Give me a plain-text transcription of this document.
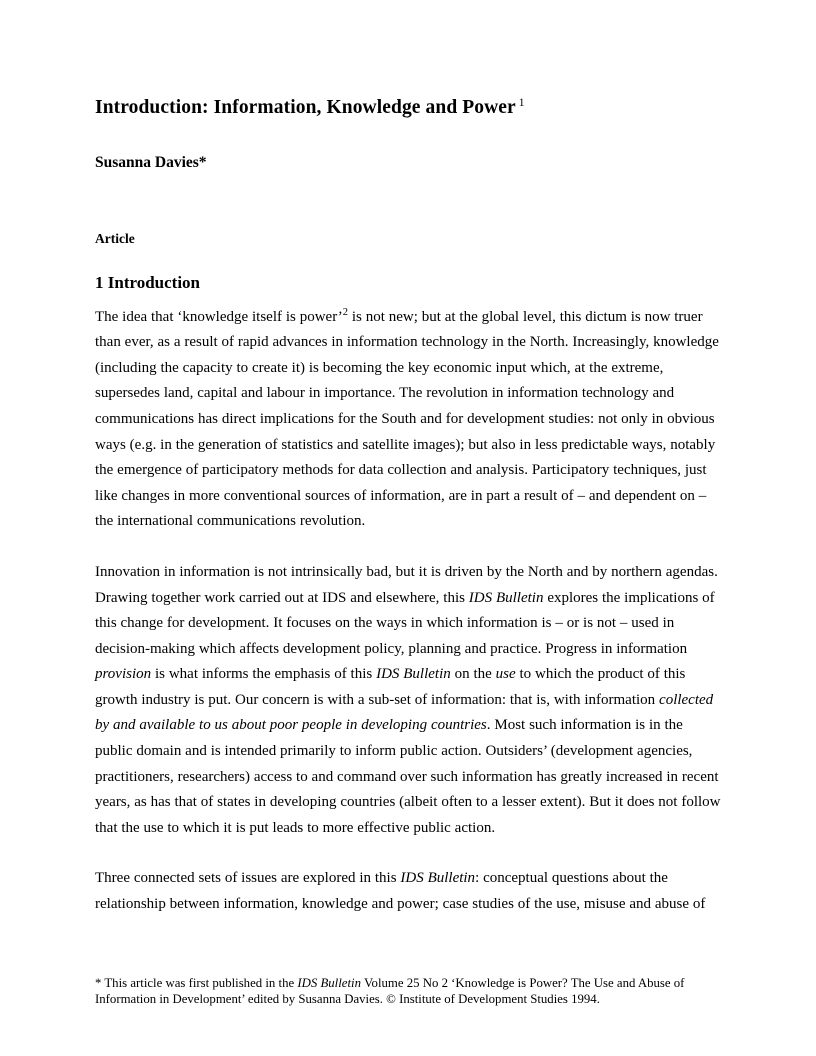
Introduction: Information, Knowledge and Power $^1$

Susanna Davies*

Article

1 Introduction

The idea that ‘knowledge itself is power’$^2$ is not new; but at the global level, this dictum is now truer than ever, as a result of rapid advances in information technology in the North. Increasingly, knowledge (including the capacity to create it) is becoming the key economic input which, at the extreme, supersedes land, capital and labour in importance. The revolution in information technology and communications has direct implications for the South and for development studies: not only in obvious ways (e.g. in the generation of statistics and satellite images); but also in less predictable ways, notably the emergence of participatory methods for data collection and analysis. Participatory techniques, just like changes in more conventional sources of information, are in part a result of – and dependent on – the international communications revolution.

Innovation in information is not intrinsically bad, but it is driven by the North and by northern agendas. Drawing together work carried out at IDS and elsewhere, this IDS Bulletin explores the implications of this change for development. It focuses on the ways in which information is – or is not – used in decision-making which affects development policy, planning and practice. Progress in information provision is what informs the emphasis of this IDS Bulletin on the use to which the product of this growth industry is put. Our concern is with a sub-set of information: that is, with information collected by and available to us about poor people in developing countries. Most such information is in the public domain and is intended primarily to inform public action. Outsiders’ (development agencies, practitioners, researchers) access to and command over such information has greatly increased in recent years, as has that of states in developing countries (albeit often to a lesser extent). But it does not follow that the use to which it is put leads to more effective public action.

Three connected sets of issues are explored in this IDS Bulletin: conceptual questions about the relationship between information, knowledge and power; case studies of the use, misuse and abuse of

* This article was first published in the IDS Bulletin Volume 25 No 2 ‘Knowledge is Power? The Use and Abuse of Information in Development’ edited by Susanna Davies. © Institute of Development Studies 1994.
